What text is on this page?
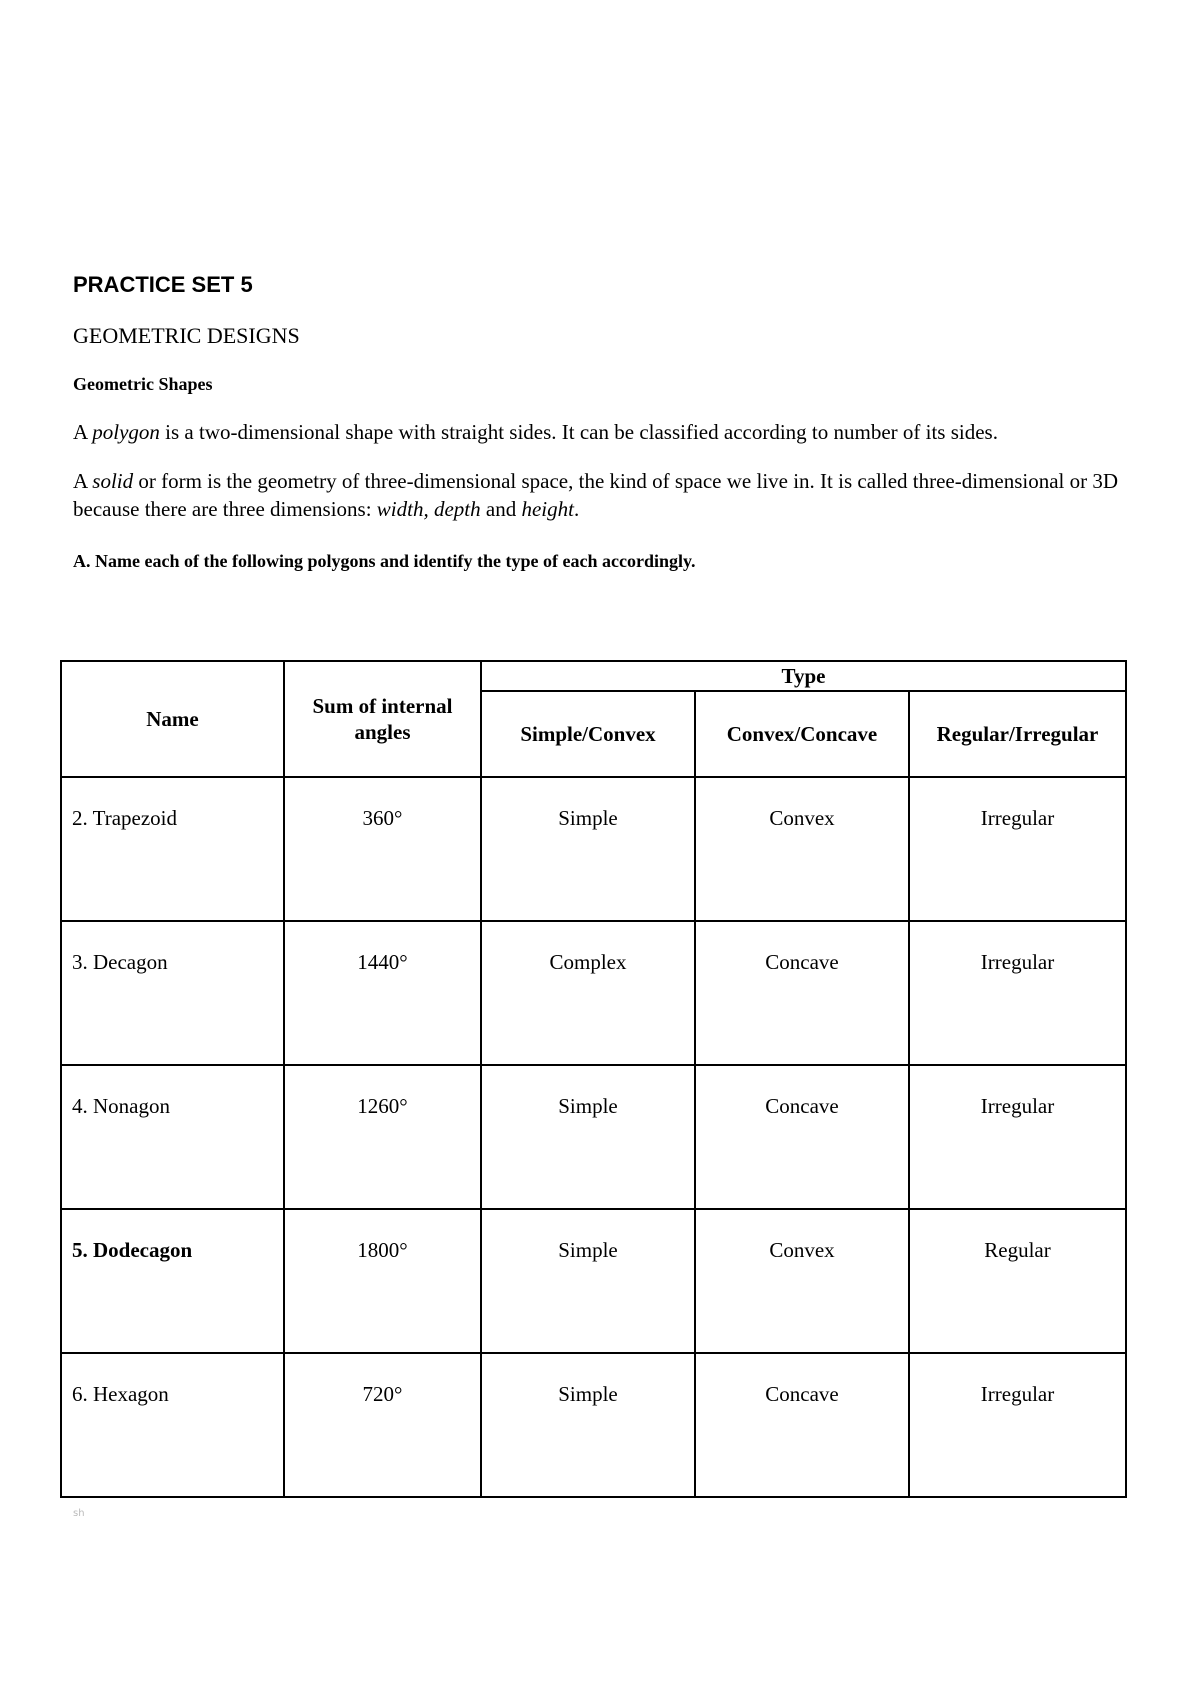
PRACTICE SET 5

GEOMETRIC DESIGNS

Geometric Shapes

A polygon is a two-dimensional shape with straight sides. It can be classified according to number of its sides.

A solid or form is the geometry of three-dimensional space, the kind of space we live in. It is called three-dimensional or 3D because there are three dimensions: width, depth and height.

A. Name each of the following polygons and identify the type of each accordingly.

Name	Sum of internal angles	Type		
		Simple/Convex	Convex/Concave	Regular/Irregular
2. Trapezoid	360°	Simple	Convex	Irregular
3. Decagon	1440°	Complex	Concave	Irregular
4. Nonagon	1260°	Simple	Concave	Irregular
5. Dodecagon	1800°	Simple	Convex	Regular
6. Hexagon	720°	Simple	Concave	Irregular
sh
